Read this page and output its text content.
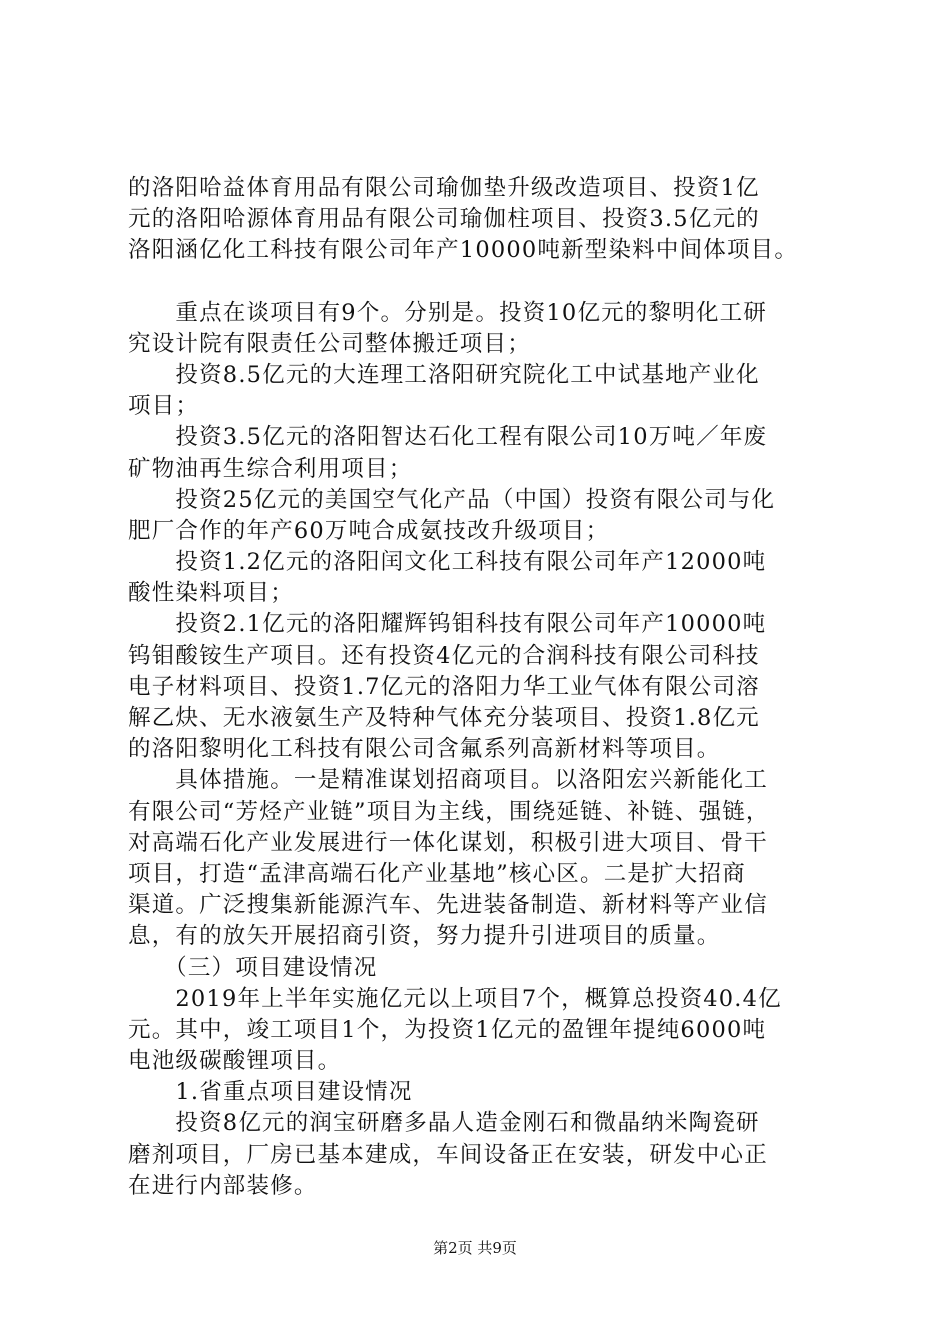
的洛阳哈益体育用品有限公司瑜伽垫升级改造项目、投资1亿
元的洛阳哈源体育用品有限公司瑜伽柱项目、投资3.5亿元的
洛阳涵亿化工科技有限公司年产10000吨新型染料中间体项目。
　　重点在谈项目有9个。分别是。投资10亿元的黎明化工研
究设计院有限责任公司整体搬迁项目；
　　投资8.5亿元的大连理工洛阳研究院化工中试基地产业化
项目；
　　投资3.5亿元的洛阳智达石化工程有限公司10万吨／年废
矿物油再生综合利用项目；
　　投资25亿元的美国空气化产品（中国）投资有限公司与化
肥厂合作的年产60万吨合成氨技改升级项目；
　　投资1.2亿元的洛阳闰文化工科技有限公司年产12000吨
酸性染料项目；
　　投资2.1亿元的洛阳耀辉钨钼科技有限公司年产10000吨
钨钼酸铵生产项目。还有投资4亿元的合润科技有限公司科技
电子材料项目、投资1.7亿元的洛阳力华工业气体有限公司溶
解乙炔、无水液氨生产及特种气体充分装项目、投资1.8亿元
的洛阳黎明化工科技有限公司含氟系列高新材料等项目。
　　具体措施。一是精准谋划招商项目。以洛阳宏兴新能化工
有限公司“芳烃产业链”项目为主线，围绕延链、补链、强链，
对高端石化产业发展进行一体化谋划，积极引进大项目、骨干
项目，打造“孟津高端石化产业基地”核心区。二是扩大招商
渠道。广泛搜集新能源汽车、先进装备制造、新材料等产业信
息，有的放矢开展招商引资，努力提升引进项目的质量。
　　（三）项目建设情况
　　2019年上半年实施亿元以上项目7个，概算总投资40.4亿
元。其中，竣工项目1个，为投资1亿元的盈锂年提纯6000吨
电池级碳酸锂项目。
　　1.省重点项目建设情况
　　投资8亿元的润宝研磨多晶人造金刚石和微晶纳米陶瓷研
磨剂项目，厂房已基本建成，车间设备正在安装，研发中心正
在进行内部装修。
第2页 共9页
